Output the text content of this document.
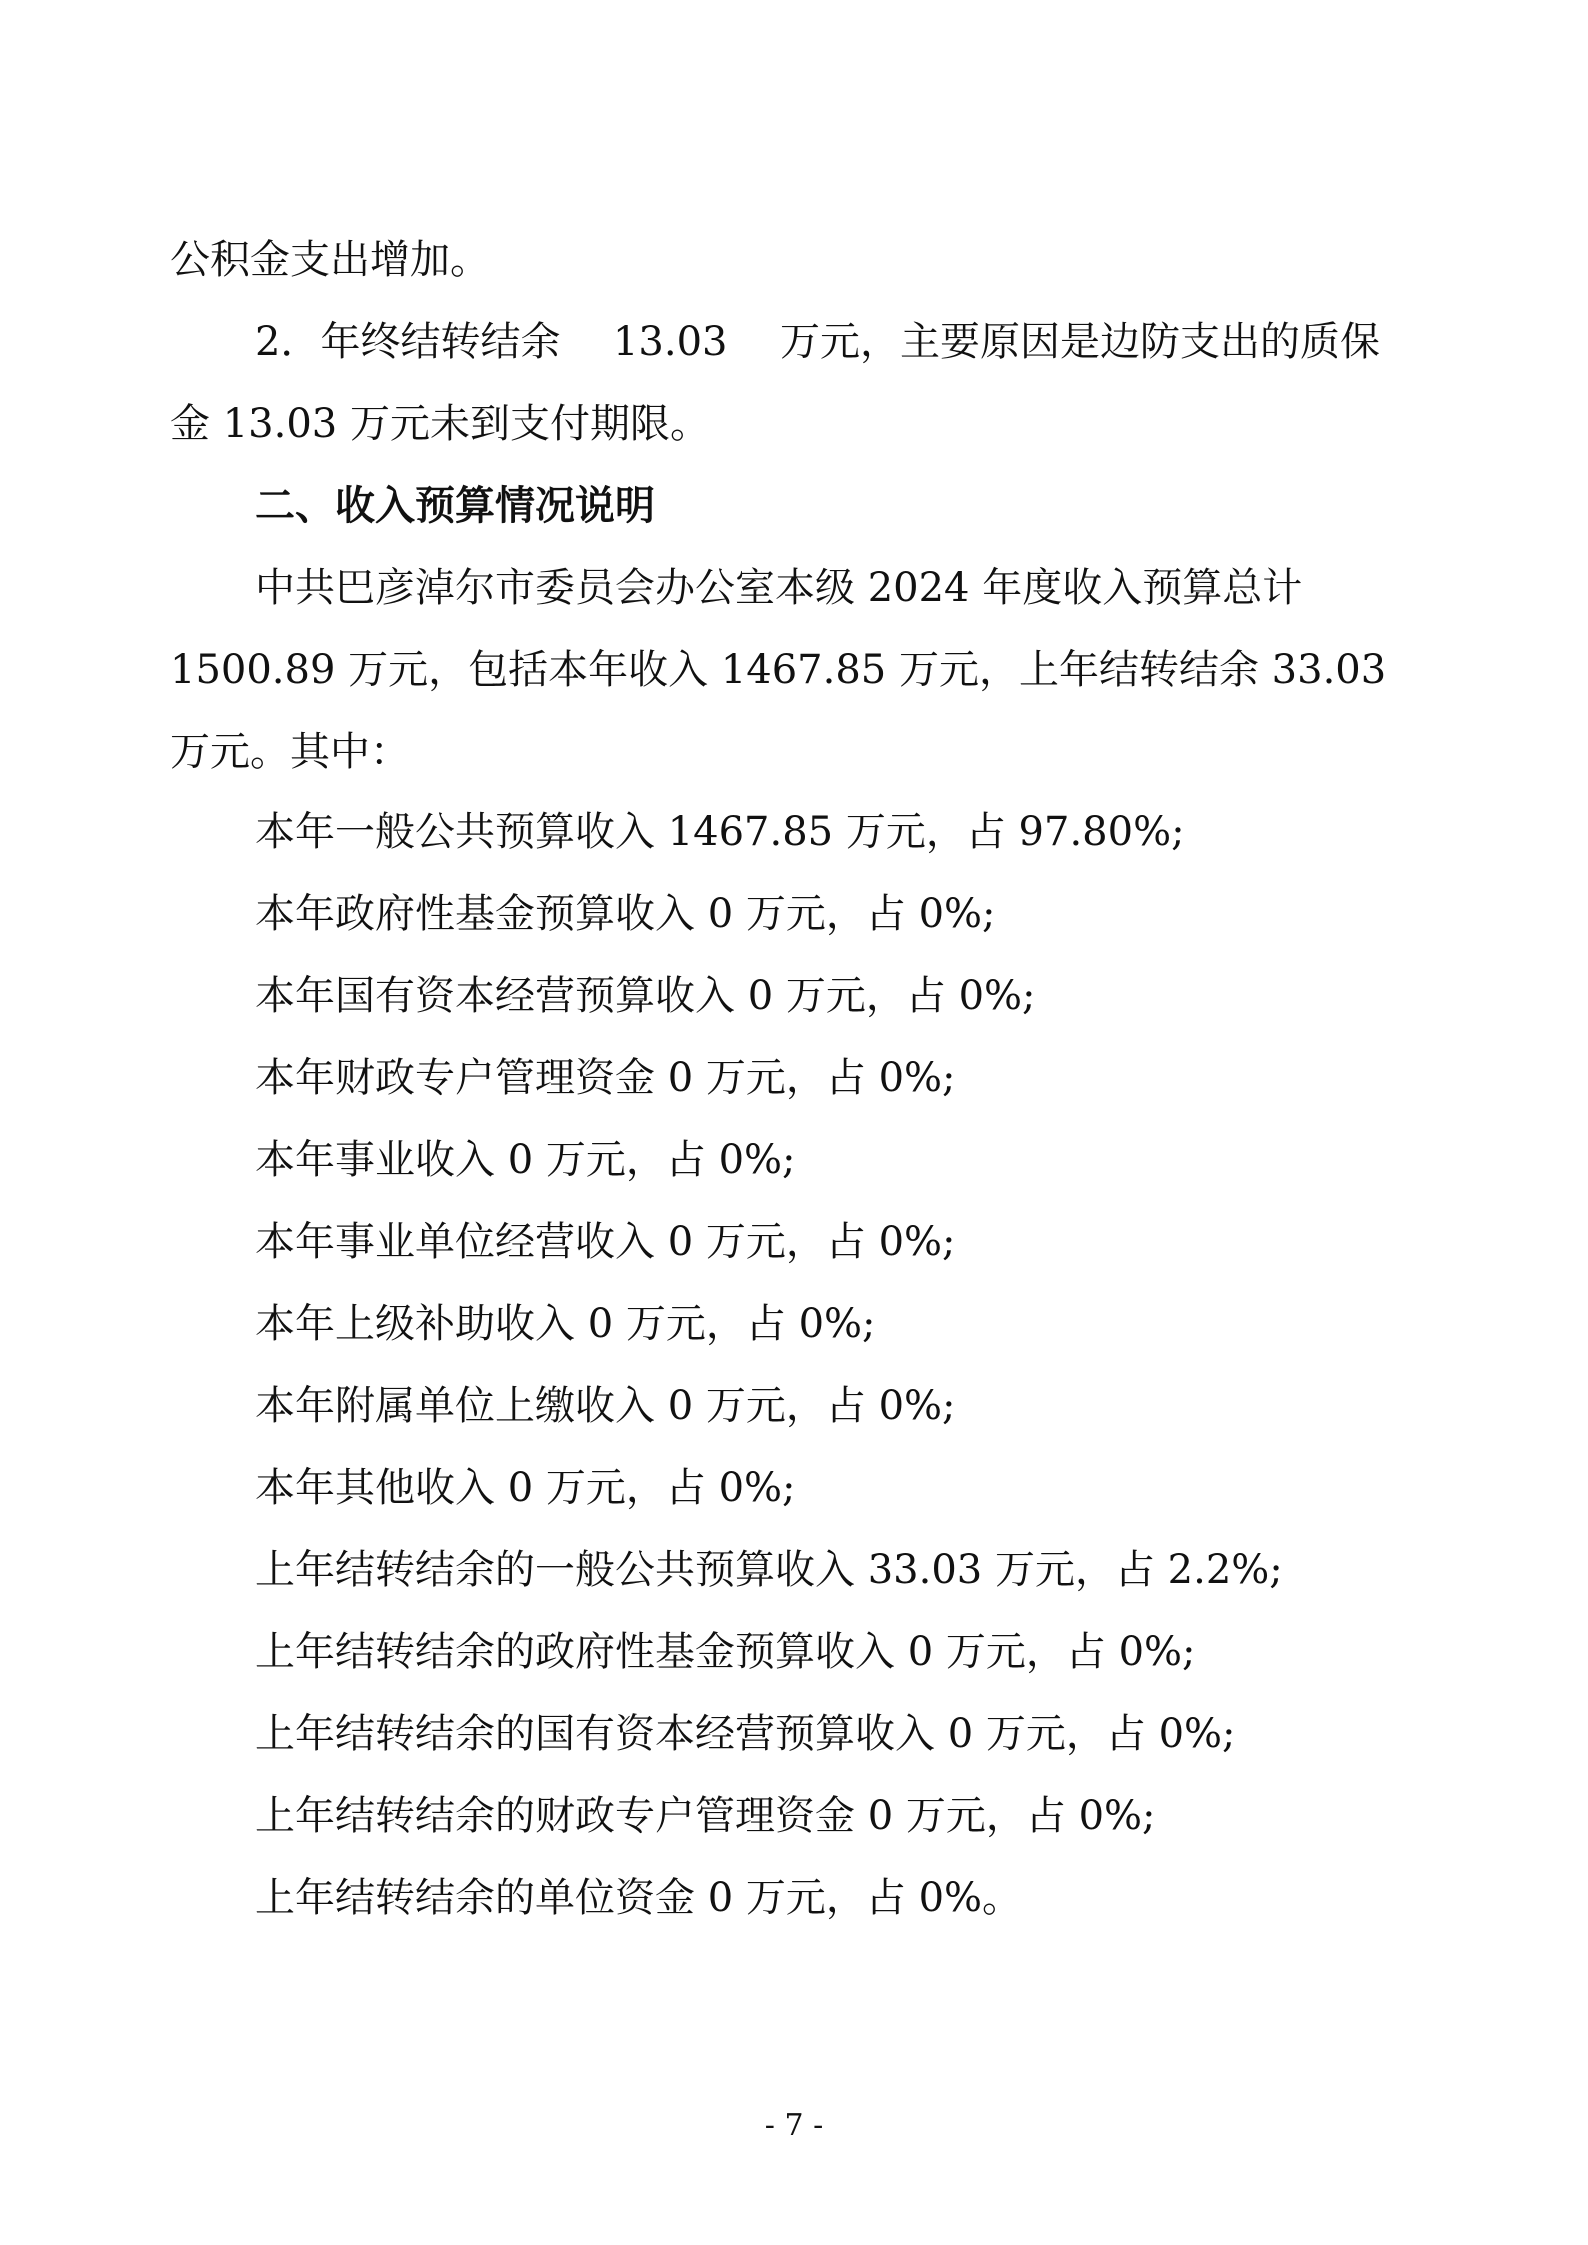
公积金支出增加。
2．年终结转结余 13.03 万元，主要原因是边防支出的质保
金 13.03 万元未到支付期限。
二、收入预算情况说明
中共巴彦淖尔市委员会办公室本级 2024 年度收入预算总计
1500.89 万元，包括本年收入 1467.85 万元，上年结转结余 33.03
万元。其中：
本年一般公共预算收入 1467.85 万元，占 97.80%;
本年政府性基金预算收入 0 万元，占 0%;
本年国有资本经营预算收入 0 万元，占 0%;
本年财政专户管理资金 0 万元，占 0%;
本年事业收入 0 万元，占 0%;
本年事业单位经营收入 0 万元，占 0%;
本年上级补助收入 0 万元，占 0%;
本年附属单位上缴收入 0 万元，占 0%;
本年其他收入 0 万元，占 0%;
上年结转结余的一般公共预算收入 33.03 万元，占 2.2%;
上年结转结余的政府性基金预算收入 0 万元，占 0%;
上年结转结余的国有资本经营预算收入 0 万元，占 0%;
上年结转结余的财政专户管理资金 0 万元，占 0%;
上年结转结余的单位资金 0 万元，占 0%。
- 7 -
